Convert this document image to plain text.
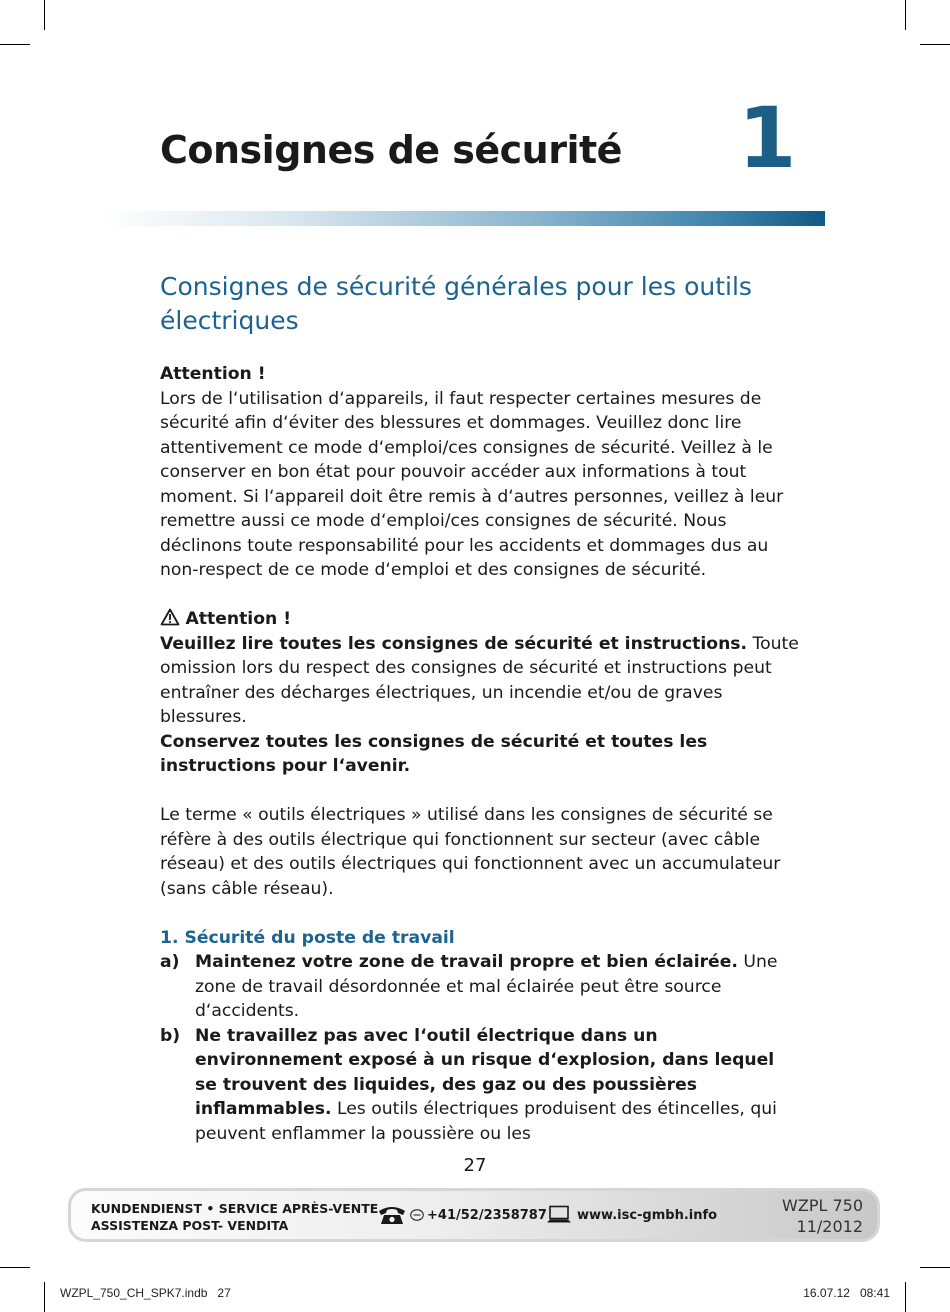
Consignes de sécurité 1
Consignes de sécurité générales pour les outils électriques

Attention !

Lors de l‘utilisation d‘appareils, il faut respecter certaines mesures de sécurité afin d‘éviter des blessures et dommages. Veuillez donc lire attentivement ce mode d‘emploi/ces consignes de sécurité. Veillez à le conserver en bon état pour pouvoir accéder aux informations à tout moment. Si l‘appareil doit être remis à d‘autres personnes, veillez à leur remettre aussi ce mode d‘emploi/ces consignes de sécurité. Nous déclinons toute responsabilité pour les accidents et dommages dus au non-respect de ce mode d‘emploi et des consignes de sécurité.

Attention !

Veuillez lire toutes les consignes de sécurité et instructions. Toute omission lors du respect des consignes de sécurité et instructions peut entraîner des décharges électriques, un incendie et/ou de graves blessures.

Conservez toutes les consignes de sécurité et toutes les instructions pour l‘avenir.

Le terme « outils électriques » utilisé dans les consignes de sécurité se réfère à des outils électrique qui fonctionnent sur secteur (avec câble réseau) et des outils électriques qui fonctionnent avec un accumulateur (sans câble réseau).

1. Sécurité du poste de travail

a) Maintenez votre zone de travail propre et bien éclairée. Une zone de travail désordonnée et mal éclairée peut être source d‘accidents.
b) Ne travaillez pas avec l‘outil électrique dans un environnement exposé à un risque d‘explosion, dans lequel se trouvent des liquides, des gaz ou des poussières inflammables. Les outils électriques produisent des étincelles, qui peuvent enflammer la poussière ou les
27
KUNDENDIENST • SERVICE APRÈS-VENTE
ASSISTENZA POST- VENDITA
+41/52/2358787 www.isc-gmbh.info	WZPL 750
11/2012
WZPL_750_CH_SPK7.indb   27	16.07.12   08:41
